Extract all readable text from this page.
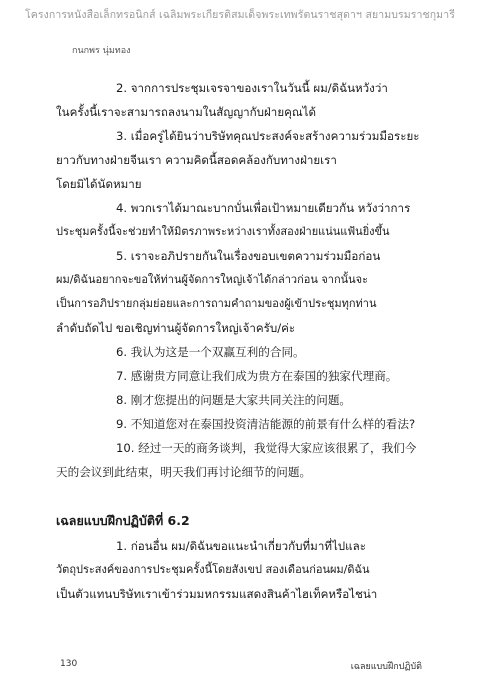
โครงการหนังสือเล็กทรอนิกส์ เฉลิมพระเกียรติสมเด็จพระเทพรัตนราชสุดาฯ สยามบรมราชกุมารี
กนกพร นุ่มทอง
2. จากการประชุมเจรจาของเราในวันนี้ ผม/ดิฉันหวังว่า
ในครั้งนี้เราจะสามารถลงนามในสัญญากับฝ่ายคุณได้
3. เมื่อครู่ได้ยินว่าบริษัทคุณประสงค์จะสร้างความร่วมมือระยะ
ยาวกับทางฝ่ายจีนเรา ความคิดนี้สอดคล้องกับทางฝ่ายเรา
โดยมิได้นัดหมาย
4. พวกเราได้มาณะบากบั่นเพื่อเป้าหมายเดียวกัน หวังว่าการ
ประชุมครั้งนี้จะช่วยทำให้มิตรภาพระหว่างเราทั้งสองฝ่ายแน่นแฟ้นยิ่งขึ้น
5. เราจะอภิปรายกันในเรื่องขอบเขตความร่วมมือก่อน
ผม/ดิฉันอยากจะขอให้ท่านผู้จัดการใหญ่เจ้าได้กล่าวก่อน จากนั้นจะ
เป็นการอภิปรายกลุ่มย่อยและการถามคำถามของผู้เข้าประชุมทุกท่าน
ลำดับถัดไป ขอเชิญท่านผู้จัดการใหญ่เจ้าครับ/ค่ะ
6. 我认为这是一个双赢互利的合同。
7. 感谢贵方同意让我们成为贵方在泰国的独家代理商。
8. 刚才您提出的问题是大家共同关注的问题。
9. 不知道您对在泰国投资清洁能源的前景有什么样的看法?
10. 经过一天的商务谈判，我觉得大家应该很累了，我们今
天的会议到此结束，明天我们再讨论细节的问题。
เฉลยแบบฝึกปฏิบัติที่ 6.2
1. ก่อนอื่น ผม/ดิฉันขอแนะนำเกี่ยวกับที่มาที่ไปและ
วัตถุประสงค์ของการประชุมครั้งนี้โดยสังเขป สองเดือนก่อนผม/ดิฉัน
เป็นตัวแทนบริษัทเราเข้าร่วมมหกรรมแสดงสินค้าไฮเท็คหรือไชน่า
130	เฉลยแบบฝึกปฏิบัติ
